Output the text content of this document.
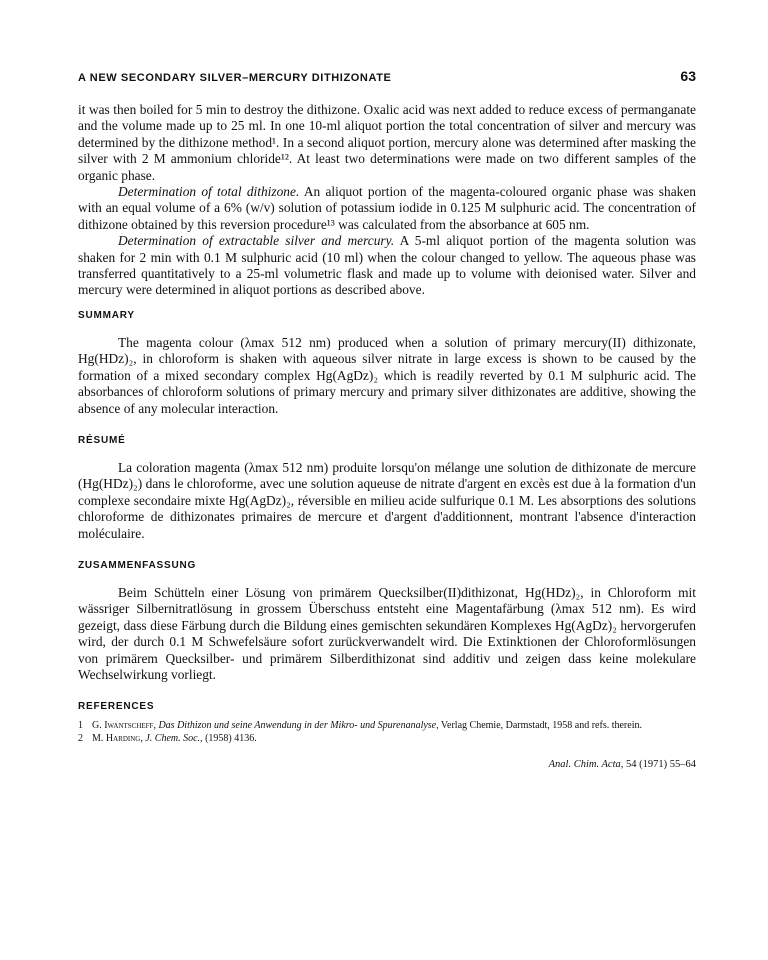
A NEW SECONDARY SILVER–MERCURY DITHIZONATE	63

it was then boiled for 5 min to destroy the dithizone. Oxalic acid was next added to reduce excess of permanganate and the volume made up to 25 ml. In one 10-ml aliquot portion the total concentration of silver and mercury was determined by the dithizone method¹. In a second aliquot portion, mercury alone was determined after masking the silver with 2 M ammonium chloride¹². At least two determinations were made on two different samples of the organic phase.

Determination of total dithizone. An aliquot portion of the magenta-coloured organic phase was shaken with an equal volume of a 6% (w/v) solution of potassium iodide in 0.125 M sulphuric acid. The concentration of dithizone obtained by this reversion procedure¹³ was calculated from the absorbance at 605 nm.

Determination of extractable silver and mercury. A 5-ml aliquot portion of the magenta solution was shaken for 2 min with 0.1 M sulphuric acid (10 ml) when the colour changed to yellow. The aqueous phase was transferred quantitatively to a 25-ml volumetric flask and made up to volume with deionised water. Silver and mercury were determined in aliquot portions as described above.

SUMMARY

The magenta colour (λmax 512 nm) produced when a solution of primary mercury(II) dithizonate, Hg(HDz)₂, in chloroform is shaken with aqueous silver nitrate in large excess is shown to be caused by the formation of a mixed secondary complex Hg(AgDz)₂ which is readily reverted by 0.1 M sulphuric acid. The absorbances of chloroform solutions of primary mercury and primary silver dithizonates are additive, showing the absence of any molecular interaction.

RÉSUMÉ

La coloration magenta (λmax 512 nm) produite lorsqu'on mélange une solution de dithizonate de mercure (Hg(HDz)₂) dans le chloroforme, avec une solution aqueuse de nitrate d'argent en excès est due à la formation d'un complexe secondaire mixte Hg(AgDz)₂, réversible en milieu acide sulfurique 0.1 M. Les absorptions des solutions chloroforme de dithizonates primaires de mercure et d'argent d'additionnent, montrant l'absence d'interaction moléculaire.

ZUSAMMENFASSUNG

Beim Schütteln einer Lösung von primärem Quecksilber(II)dithizonat, Hg(HDz)₂, in Chloroform mit wässriger Silbernitratlösung in grossem Überschuss entsteht eine Magentafärbung (λmax 512 nm). Es wird gezeigt, dass diese Färbung durch die Bildung eines gemischten sekundären Komplexes Hg(AgDz)₂ hervorgerufen wird, der durch 0.1 M Schwefelsäure sofort zurückverwandelt wird. Die Extinktionen der Chloroformlösungen von primärem Quecksilber- und primärem Silberdithizonat sind additiv und zeigen dass keine molekulare Wechselwirkung vorliegt.

REFERENCES
1 G. Iwantscheff, Das Dithizon und seine Anwendung in der Mikro- und Spurenanalyse, Verlag Chemie, Darmstadt, 1958 and refs. therein.
2 M. Harding, J. Chem. Soc., (1958) 4136.
Anal. Chim. Acta, 54 (1971) 55–64
